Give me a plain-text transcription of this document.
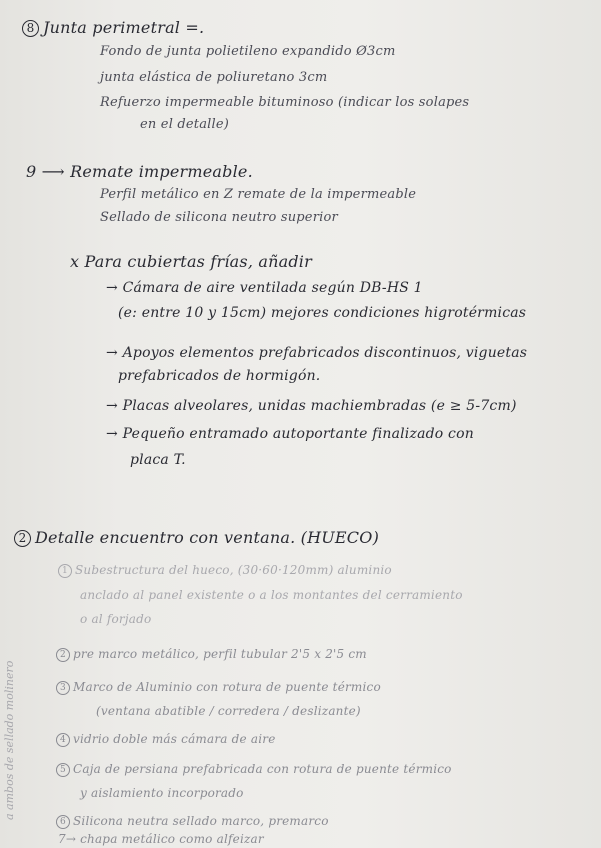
8 Junta perimetral =.
Fondo de junta polietileno expandido Ø3cm
junta elástica de poliuretano 3cm
Refuerzo impermeable bituminoso (indicar los solapes
en el detalle)
9 ⟶ Remate impermeable.
Perfil metálico en Z remate de la impermeable
Sellado de silicona neutro superior
x Para cubiertas frías, añadir
→ Cámara de aire ventilada según DB-HS 1
(e: entre 10 y 15cm) mejores condiciones higrotérmicas
→ Apoyos elementos prefabricados discontinuos, viguetas
prefabricados de hormigón.
→ Placas alveolares, unidas machiembradas (e ≥ 5-7cm)
→ Pequeño entramado autoportante finalizado con
placa T.
2 Detalle encuentro con ventana. (HUECO)
1 Subestructura del hueco, (30·60·120mm) aluminio
anclado al panel existente o a los montantes del cerramiento
o al forjado
2 pre marco metálico, perfil tubular 2'5 x 2'5 cm
3 Marco de Aluminio con rotura de puente térmico
(ventana abatible / corredera / deslizante)
4 vidrio doble más cámara de aire
5 Caja de persiana prefabricada con rotura de puente térmico
y aislamiento incorporado
6 Silicona neutra sellado marco, premarco
7→ chapa metálico como alfeizar
a ambos de sellado molinero
